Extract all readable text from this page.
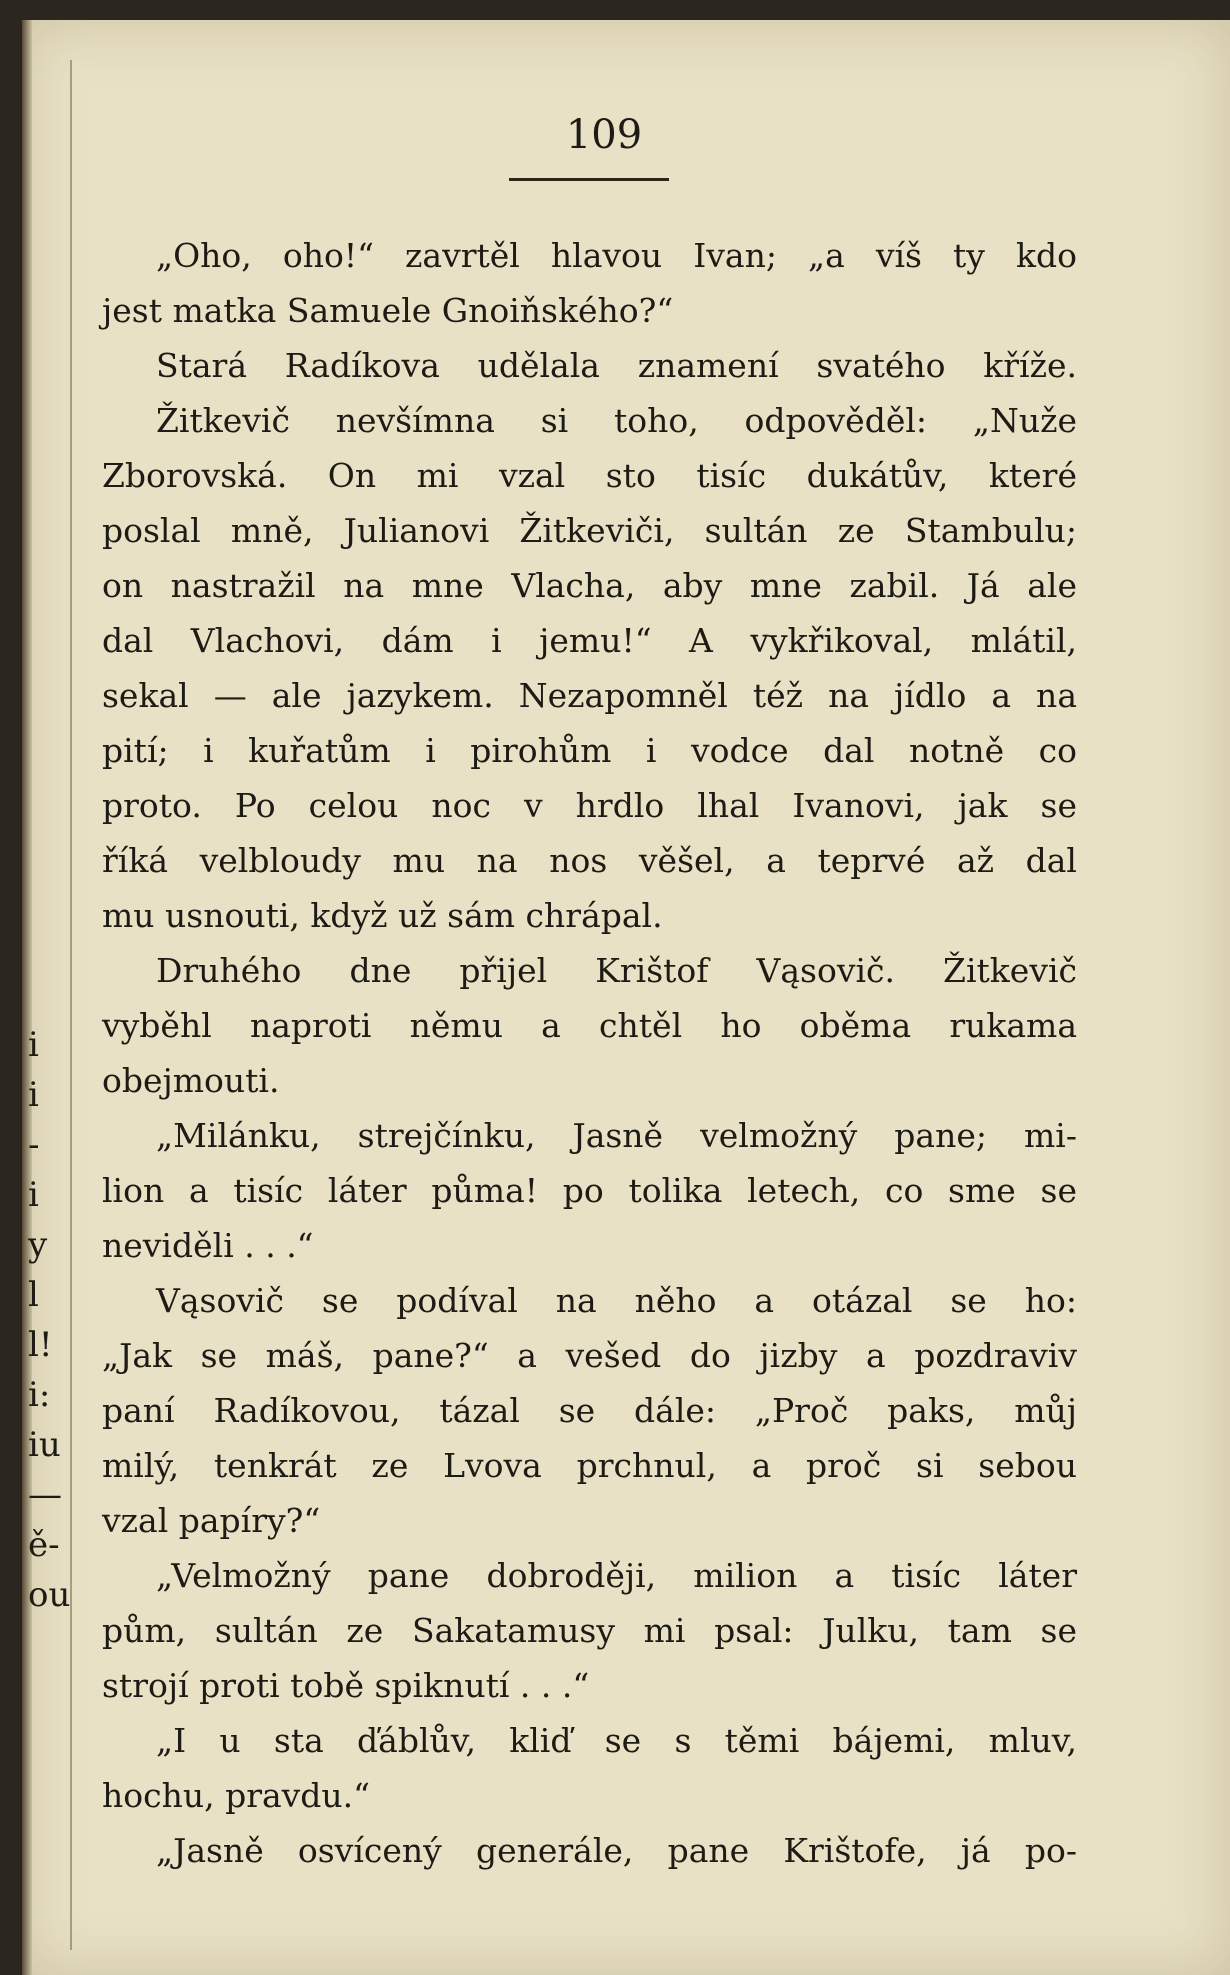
i
i
-
i
y
l
l!
i:
iu
—
ě-
ou
109
„Oho, oho!“ zavrtěl hlavou Ivan; „a víš ty kdo
jest matka Samuele Gnoiňského?“
Stará Radíkova udělala znamení svatého kříže.
Žitkevič nevšímna si toho, odpověděl: „Nuže
Zborovská. On mi vzal sto tisíc dukátův, které
poslal mně, Julianovi Žitkeviči, sultán ze Stambulu;
on nastražil na mne Vlacha, aby mne zabil. Já ale
dal Vlachovi, dám i jemu!“ A vykřikoval, mlátil,
sekal — ale jazykem. Nezapomněl též na jídlo a na
pití; i kuřatům i pirohům i vodce dal notně co
proto. Po celou noc v hrdlo lhal Ivanovi, jak se
říká velbloudy mu na nos věšel, a teprvé až dal
mu usnouti, když už sám chrápal.
Druhého dne přijel Krištof Vąsovič. Žitkevič
vyběhl naproti němu a chtěl ho oběma rukama
obejmouti.
„Milánku, strejčínku, Jasně velmožný pane; mi-
lion a tisíc láter půma! po tolika letech, co sme se
neviděli . . .“
Vąsovič se podíval na něho a otázal se ho:
„Jak se máš, pane?“ a vešed do jizby a pozdraviv
paní Radíkovou, tázal se dále: „Proč paks, můj
milý, tenkrát ze Lvova prchnul, a proč si sebou
vzal papíry?“
„Velmožný pane dobroději, milion a tisíc láter
pům, sultán ze Sakatamusy mi psal: Julku, tam se
strojí proti tobě spiknutí . . .“
„I u sta ďáblův, kliď se s těmi bájemi, mluv,
hochu, pravdu.“
„Jasně osvícený generále, pane Krištofe, já po-
